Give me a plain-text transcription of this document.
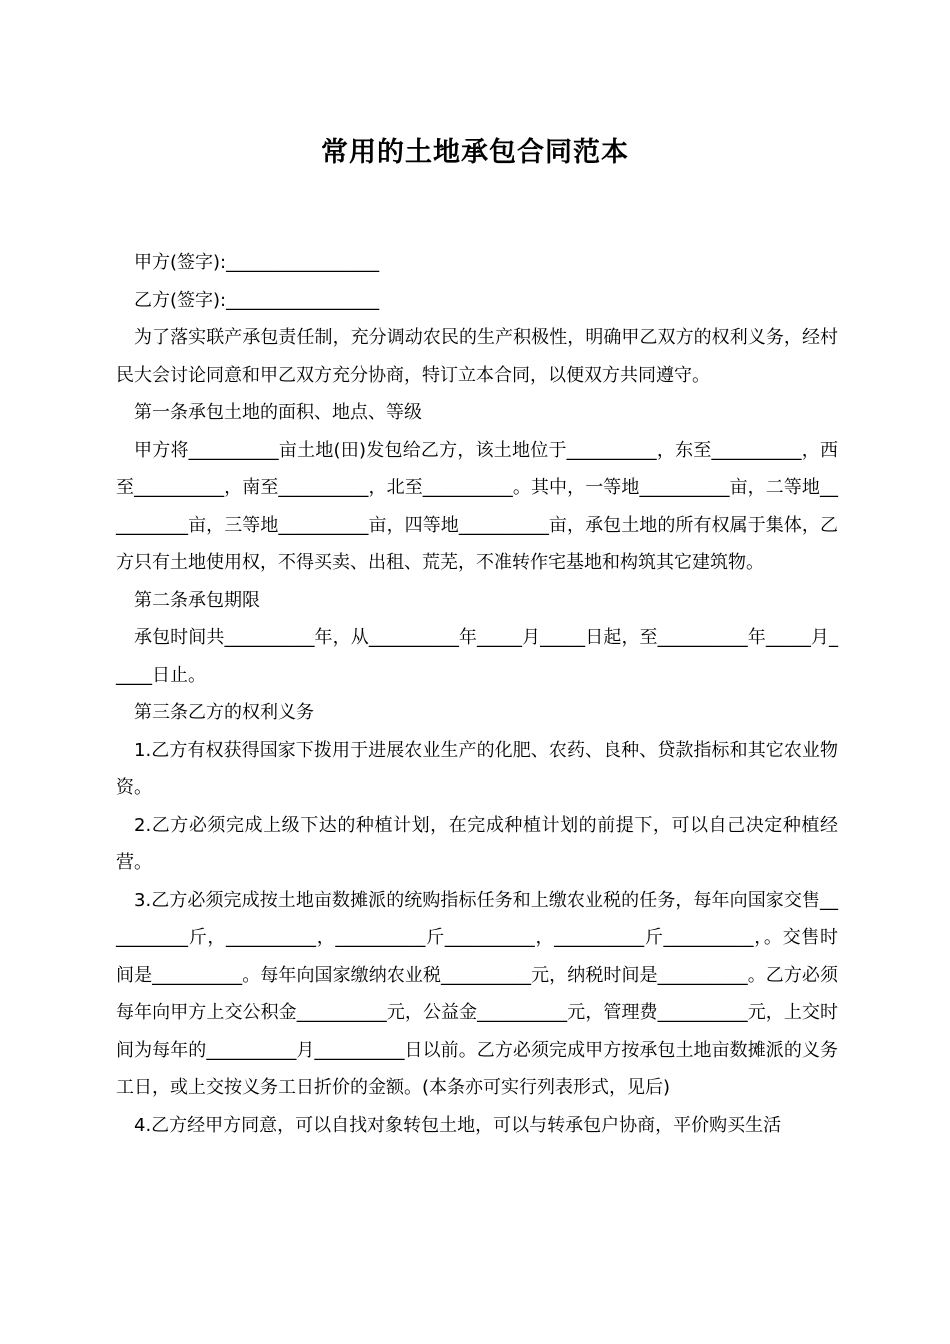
常用的土地承包合同范本

甲方(签字):_________________

乙方(签字):_________________

为了落实联产承包责任制，充分调动农民的生产积极性，明确甲乙双方的权利义务，经村民大会讨论同意和甲乙双方充分协商，特订立本合同，以便双方共同遵守。

第一条承包土地的面积、地点、等级

甲方将__________亩土地(田)发包给乙方，该土地位于__________，东至__________，西至__________，南至__________，北至__________。其中，一等地__________亩，二等地__________亩，三等地__________亩，四等地__________亩，承包土地的所有权属于集体，乙方只有土地使用权，不得买卖、出租、荒芜，不准转作宅基地和构筑其它建筑物。

第二条承包期限

承包时间共__________年，从__________年_____月_____日起，至__________年_____月_____日止。

第三条乙方的权利义务

1.乙方有权获得国家下拨用于进展农业生产的化肥、农药、良种、贷款指标和其它农业物资。

2.乙方必须完成上级下达的种植计划，在完成种植计划的前提下，可以自己决定种植经营。

3.乙方必须完成按土地亩数摊派的统购指标任务和上缴农业税的任务，每年向国家交售__________斤，__________，__________斤__________，__________斤__________，。交售时间是__________。每年向国家缴纳农业税__________元，纳税时间是__________。乙方必须每年向甲方上交公积金__________元，公益金__________元，管理费__________元，上交时间为每年的__________月__________日以前。乙方必须完成甲方按承包土地亩数摊派的义务工日，或上交按义务工日折价的金额。(本条亦可实行列表形式，见后)

4.乙方经甲方同意，可以自找对象转包土地，可以与转承包户协商，平价购买生活
